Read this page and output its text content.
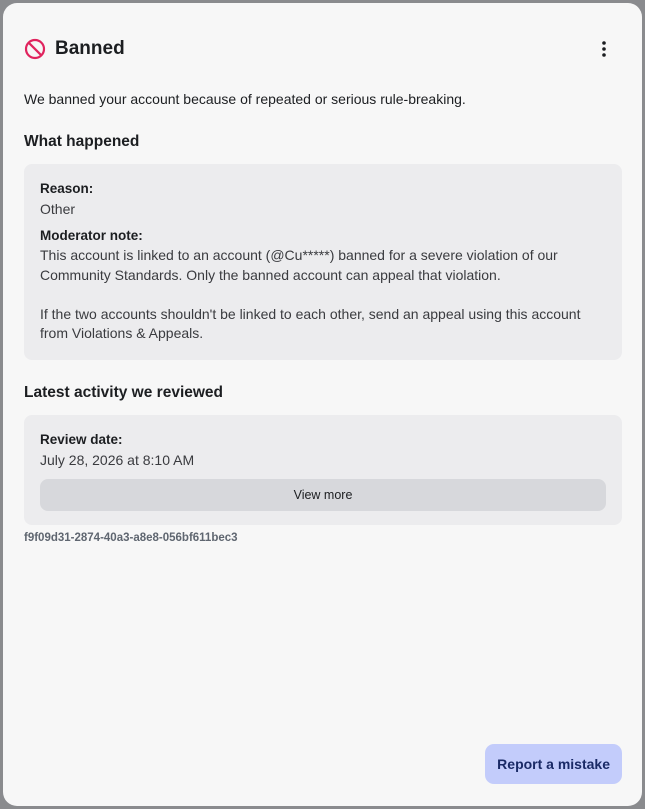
Banned
We banned your account because of repeated or serious rule-breaking.
What happened
Reason:
Other
Moderator note:
This account is linked to an account (@Cu*****) banned for a severe violation of our Community Standards. Only the banned account can appeal that violation.

If the two accounts shouldn't be linked to each other, send an appeal using this account from Violations & Appeals.
Latest activity we reviewed
Review date:
July 28, 2026 at 8:10 AM
View more
f9f09d31-2874-40a3-a8e8-056bf611bec3
Report a mistake
